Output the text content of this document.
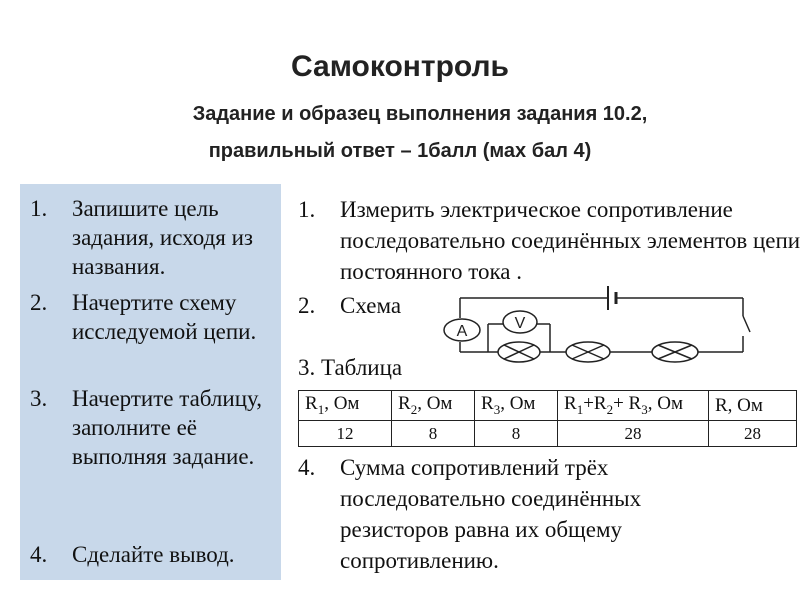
Самоконтроль
Задание и образец выполнения задания 10.2,
правильный ответ – 1балл (мах бал 4)
1. Запишите цель задания, исходя из названия.
2. Начертите схему исследуемой цепи.
3. Начертите таблицу, заполните её выполняя задание.
4. Сделайте вывод.
1. Измерить электрическое сопротивление последовательно соединённых элементов цепи постоянного тока .
2. Схема
3. Таблица
A	V
$R_1$, Ом	$R_2$, Ом	$R_3$, Ом	$R_1+R_2+ R_3$, Ом	R, Ом
12	8	8	28	28
4. Сумма сопротивлений трёх последовательно соединённых резисторов равна их общему сопротивлению.
